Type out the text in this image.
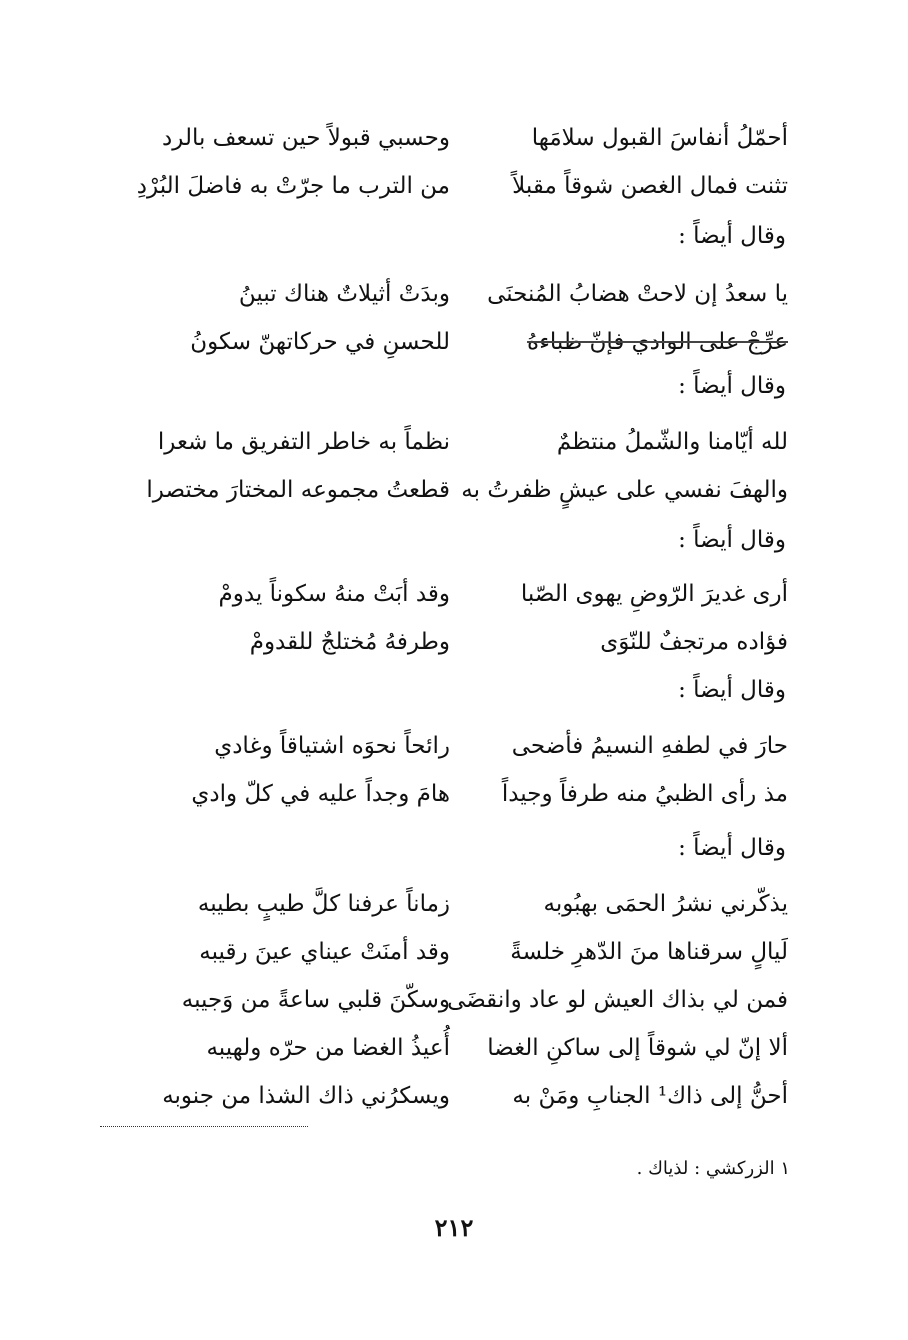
أحمّلُ أنفاسَ القبول سلامَها
وحسبي قبولاً حين تسعف بالرد
تثنت فمال الغصن شوقاً مقبلاً
من الترب ما جرّتْ به فاضلَ البُرْدِ
وقال أيضاً :
يا سعدُ إن لاحتْ هضابُ المُنحنَى
وبدَتْ أثيلاتٌ هناك تبينُ
عرِّجْ على الوادي فإنّ ظباءهُ
للحسنِ في حركاتهنّ سكونُ
وقال أيضاً :
لله أيّامنا والشّملُ منتظمٌ
نظماً به خاطر التفريق ما شعرا
والهفَ نفسي على عيشٍ ظفرتُ به
قطعتُ مجموعه المختارَ مختصرا
وقال أيضاً :
أرى غديرَ الرّوضِ يهوى الصّبا
وقد أبَتْ منهُ سكوناً يدومْ
فؤاده مرتجفٌ للنّوَى
وطرفهُ مُختلجٌ للقدومْ
وقال أيضاً :
حارَ في لطفهِ النسيمُ فأضحى
رائحاً نحوَه اشتياقاً وغادي
مذ رأى الظبيُ منه طرفاً وجيداً
هامَ وجداً عليه في كلّ وادي
وقال أيضاً :
يذكّرني نشرُ الحمَى بهبُوبه
زماناً عرفنا كلَّ طيبٍ بطيبه
لَيالٍ سرقناها منَ الدّهرِ خلسةً
وقد أمنَتْ عيناي عينَ رقيبه
فمن لي بذاك العيش لو عاد وانقضَى
وسكّنَ قلبي ساعةً من وَجيبه
ألا إنّ لي شوقاً إلى ساكنِ الغضا
أُعيذُ الغضا من حرّه ولهيبه
أحنُّ إلى ذاك¹ الجنابِ ومَنْ به
ويسكرُني ذاك الشذا من جنوبه
١ الزركشي : لذياك .
٢١٢
